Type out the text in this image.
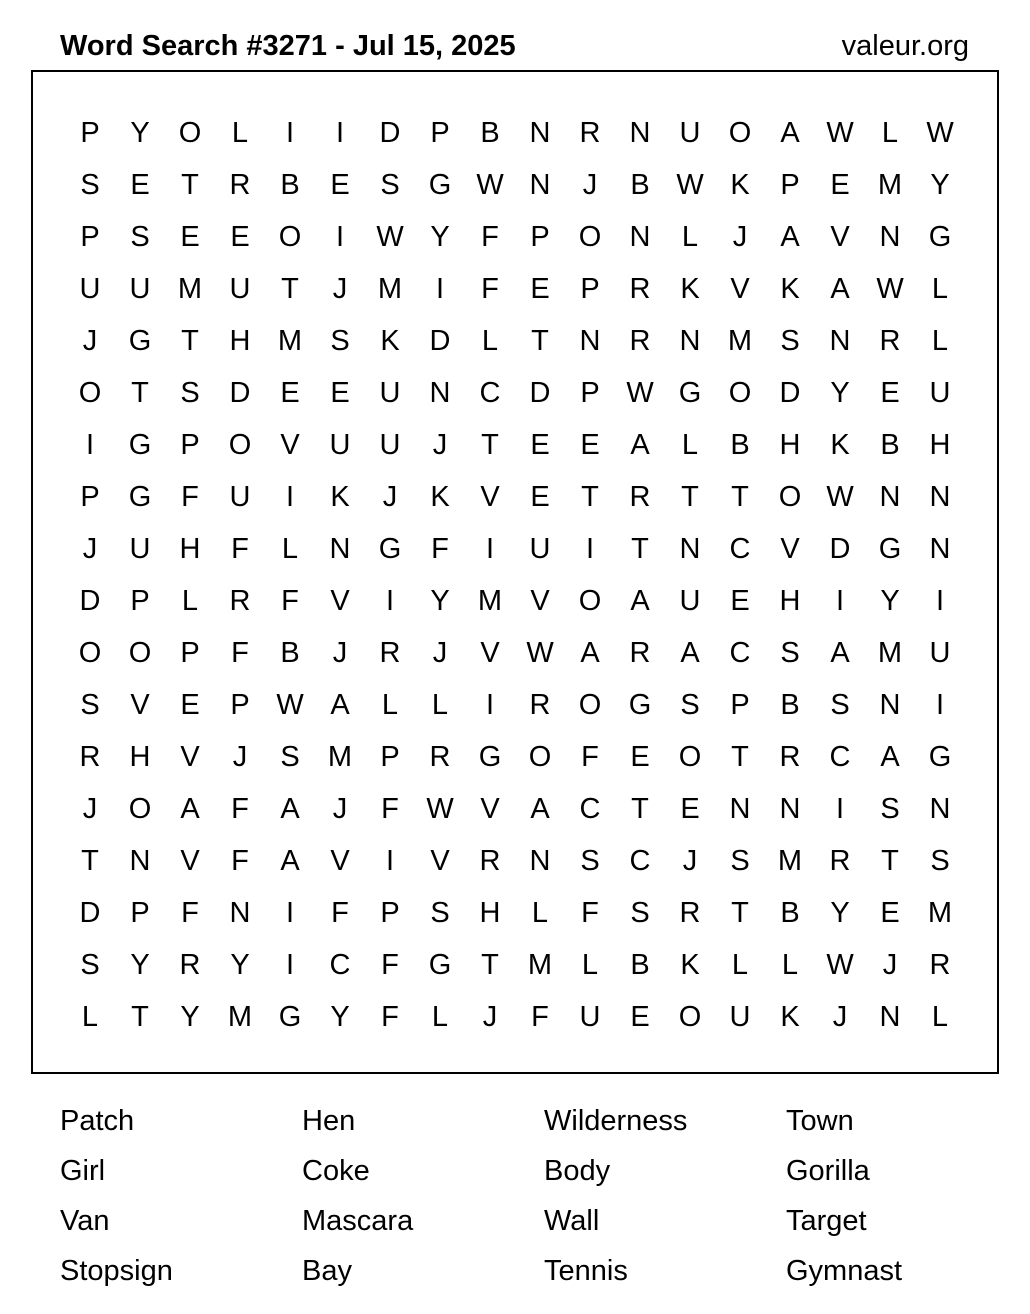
Word Search #3271 - Jul 15, 2025	valeur.org
P	Y	O	L	I	I	D	P	B	N	R	N	U O	A W L W
S	E	T	R	B	E	S	G W N	J	B W K	P	E M Y
P	S	E	E	O	I	W Y	F	P	O N	L	J	A	V	N G
U	U M U	T	J	M	I	F	E	P	R	K	V	K	A W L
J	G	T	H M S	K	D	L	T	N	R	N M S	N	R	L
O	T	S	D	E	E	U	N	C	D	P W G O D	Y	E	U
I	G	P	O	V	U	U	J	T	E	E	A	L	B	H	K	B	H
P	G	F	U	I	K	J	K	V	E	T	R	T	T	O W N	N
J	U	H	F	L	N G	F	I	U	I	T	N	C	V	D G N
D	P	L	R	F	V	I	Y M V	O	A	U	E	H	I	Y	I
O O	P	F	B	J	R	J	V W A	R	A	C	S	A M U
S	V	E	P W A	L	L	I	R O G	S	P	B	S	N	I
R	H	V	J	S M P	R G O	F	E	O	T	R	C	A	G
J	O	A	F	A	J	F W V	A	C	T	E	N	N	I	S	N
T	N	V	F	A	V	I	V	R	N	S	C	J	S M R	T	S
D	P	F	N	I	F	P	S	H	L	F	S	R	T	B	Y	E M
S	Y	R	Y	I	C	F	G	T	M	L	B	K	L	L W	J	R
L	T	Y M G	Y	F	L	J	F	U	E	O U	K	J	N	L
Patch	Hen	Wilderness	Town
Girl	Coke	Body	Gorilla
Van	Mascara	Wall	Target
Stopsign	Bay	Tennis	Gymnast
